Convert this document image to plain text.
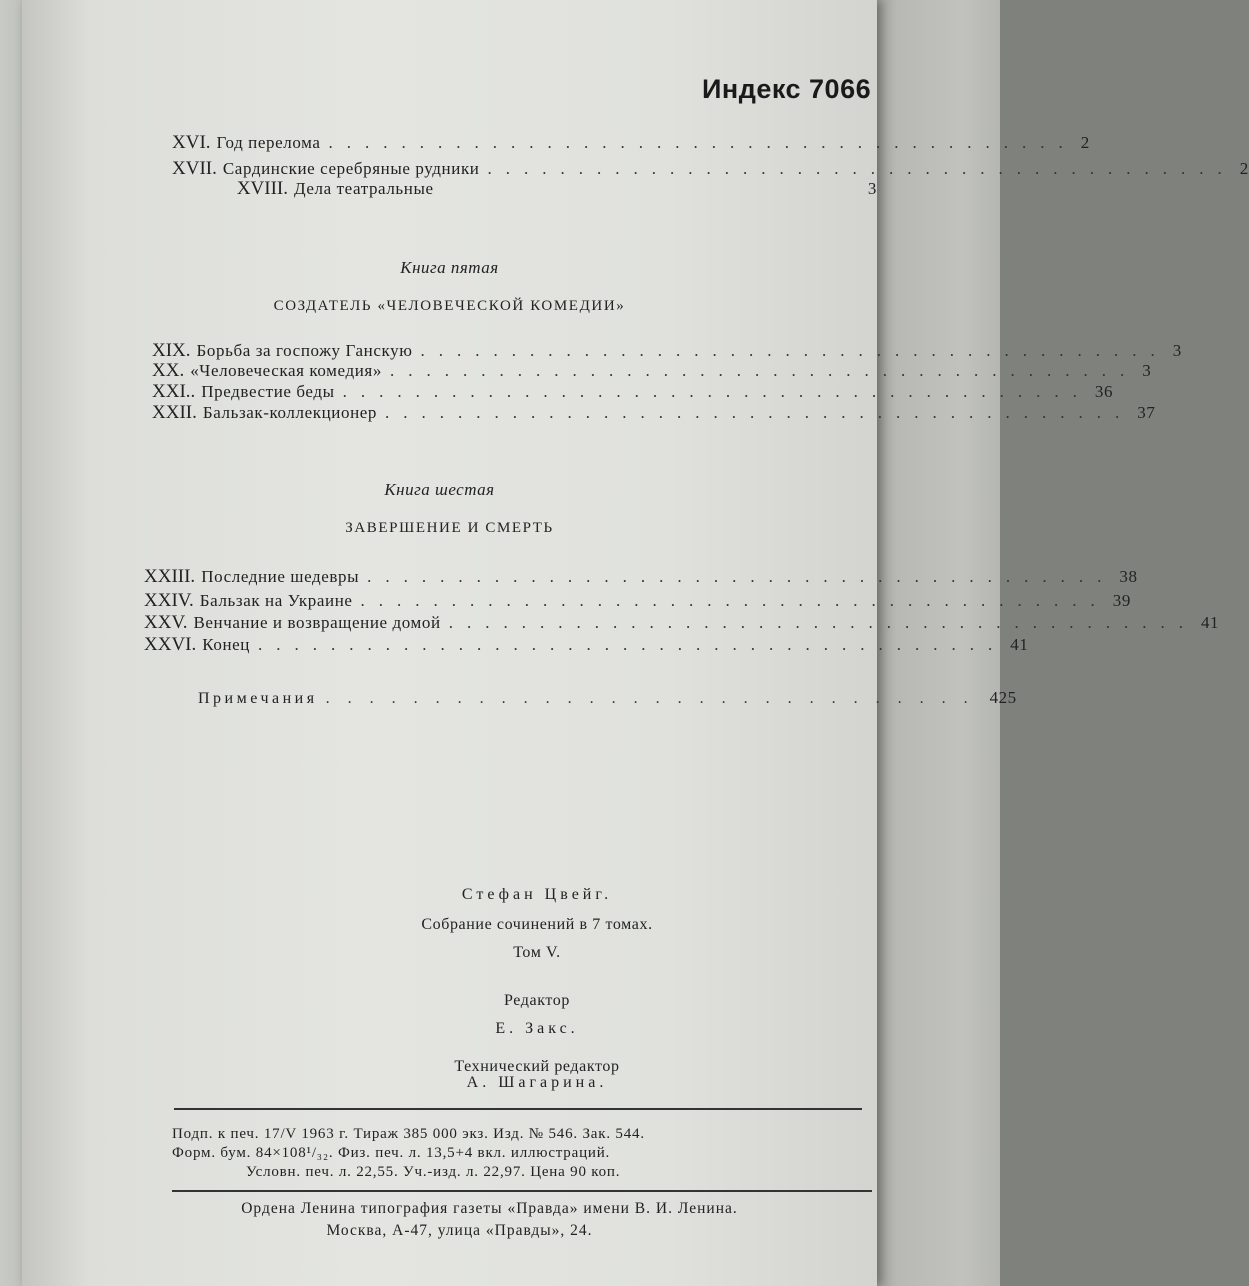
Индекс 7066
XVI. Год перелома ......................................... 2
XVII. Сардинские серебряные рудники ......................................... 2
XVIII. Дела театральные	3
Книга пятая
СОЗДАТЕЛЬ «ЧЕЛОВЕЧЕСКОЙ КОМЕДИИ»
XIX. Борьба за госпожу Ганскую ......................................... 3
XX. «Человеческая комедия» ......................................... 3
XXI.. Предвестие беды ......................................... 36
XXII. Бальзак-коллекционер ......................................... 37
Книга шестая
ЗАВЕРШЕНИЕ И СМЕРТЬ
XXIII. Последние шедевры ......................................... 38
XXIV. Бальзак на Украине ......................................... 39
XXV. Венчание и возвращение домой ......................................... 41
XXVI. Конец ......................................... 41
Примечания .............................. 425
Стефан Цвейг.
Собрание сочинений в 7 томах.
Том V.
Редактор
Е. Закс.
Технический редактор
А. Шагарина.
Подп. к печ. 17/V 1963 г. Тираж 385 000 экз. Изд. № 546. Зак. 544.
Форм. бум. 84×108¹/₃₂. Физ. печ. л. 13,5+4 вкл. иллюстраций.
Условн. печ. л. 22,55. Уч.-изд. л. 22,97. Цена 90 коп.
Ордена Ленина типография газеты «Правда» имени В. И. Ленина.
Москва, А-47, улица «Правды», 24.
